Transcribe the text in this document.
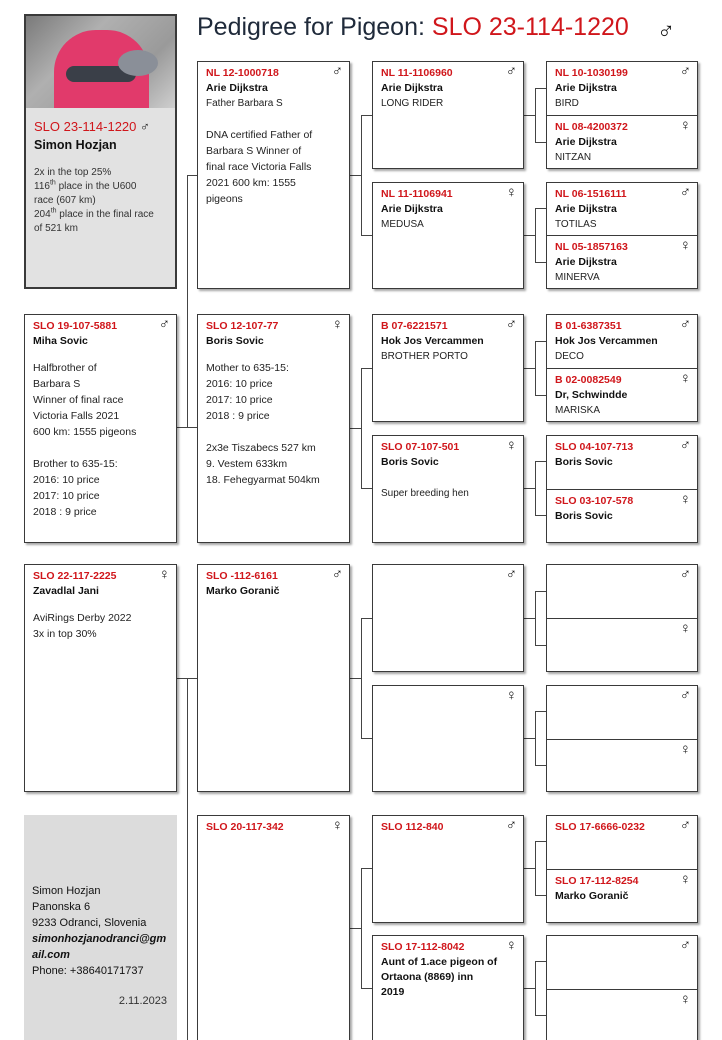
Pedigree for Pigeon: SLO 23-114-1220 ♂
SLO 23-114-1220 ♂
Simon Hozjan
2x in the top 25%
116th place in the U600
race (607 km)
204th place in the final race
of 521 km
SLO 19-107-5881	♂
Miha Sovic
Halfbrother of
Barbara S
Winner of final race
Victoria Falls 2021
600 km: 1555 pigeons
Brother to 635-15:
2016: 10 price
2017: 10 price
2018 : 9 price
SLO 22-117-2225	♀
Zavadlal Jani
AviRings Derby 2022
3x in top 30%
Simon Hozjan
Panonska 6
9233 Odranci, Slovenia
simonhozjanodranci@gm
ail.com
Phone: +38640171737
2.11.2023
NL 12-1000718	♂
Arie Dijkstra
Father Barbara S
DNA certified Father of
Barbara S Winner of
final race Victoria Falls
2021 600 km: 1555
pigeons
SLO 12-107-77	♀
Boris Sovic
Mother to 635-15:
2016: 10 price
2017: 10 price
2018 : 9 price
2x3e Tiszabecs 527 km
9. Vestem 633km
18. Fehegyarmat 504km
SLO -112-6161	♂
Marko Goranič
SLO 20-117-342	♀
NL 11-1106960	♂
Arie Dijkstra
LONG RIDER
NL 11-1106941	♀
Arie Dijkstra
MEDUSA
B 07-6221571	♂
Hok Jos Vercammen
BROTHER PORTO
SLO 07-107-501	♀
Boris Sovic
Super breeding hen
♂
♀
SLO 112-840	♂
SLO 17-112-8042	♀
Aunt of 1.ace pigeon of
Ortaona (8869) inn
2019
NL 10-1030199	♂
Arie Dijkstra
BIRD
NL 08-4200372	♀
Arie Dijkstra
NITZAN
NL 06-1516111	♂
Arie Dijkstra
TOTILAS
NL 05-1857163	♀
Arie Dijkstra
MINERVA
B 01-6387351	♂
Hok Jos Vercammen
DECO
B 02-0082549	♀
Dr, Schwindde
MARISKA
SLO 04-107-713	♂
Boris Sovic
SLO 03-107-578	♀
Boris Sovic
♂
♀
♂
♀
SLO 17-6666-0232	♂
SLO 17-112-8254	♀
Marko Goranič
♂
♀
